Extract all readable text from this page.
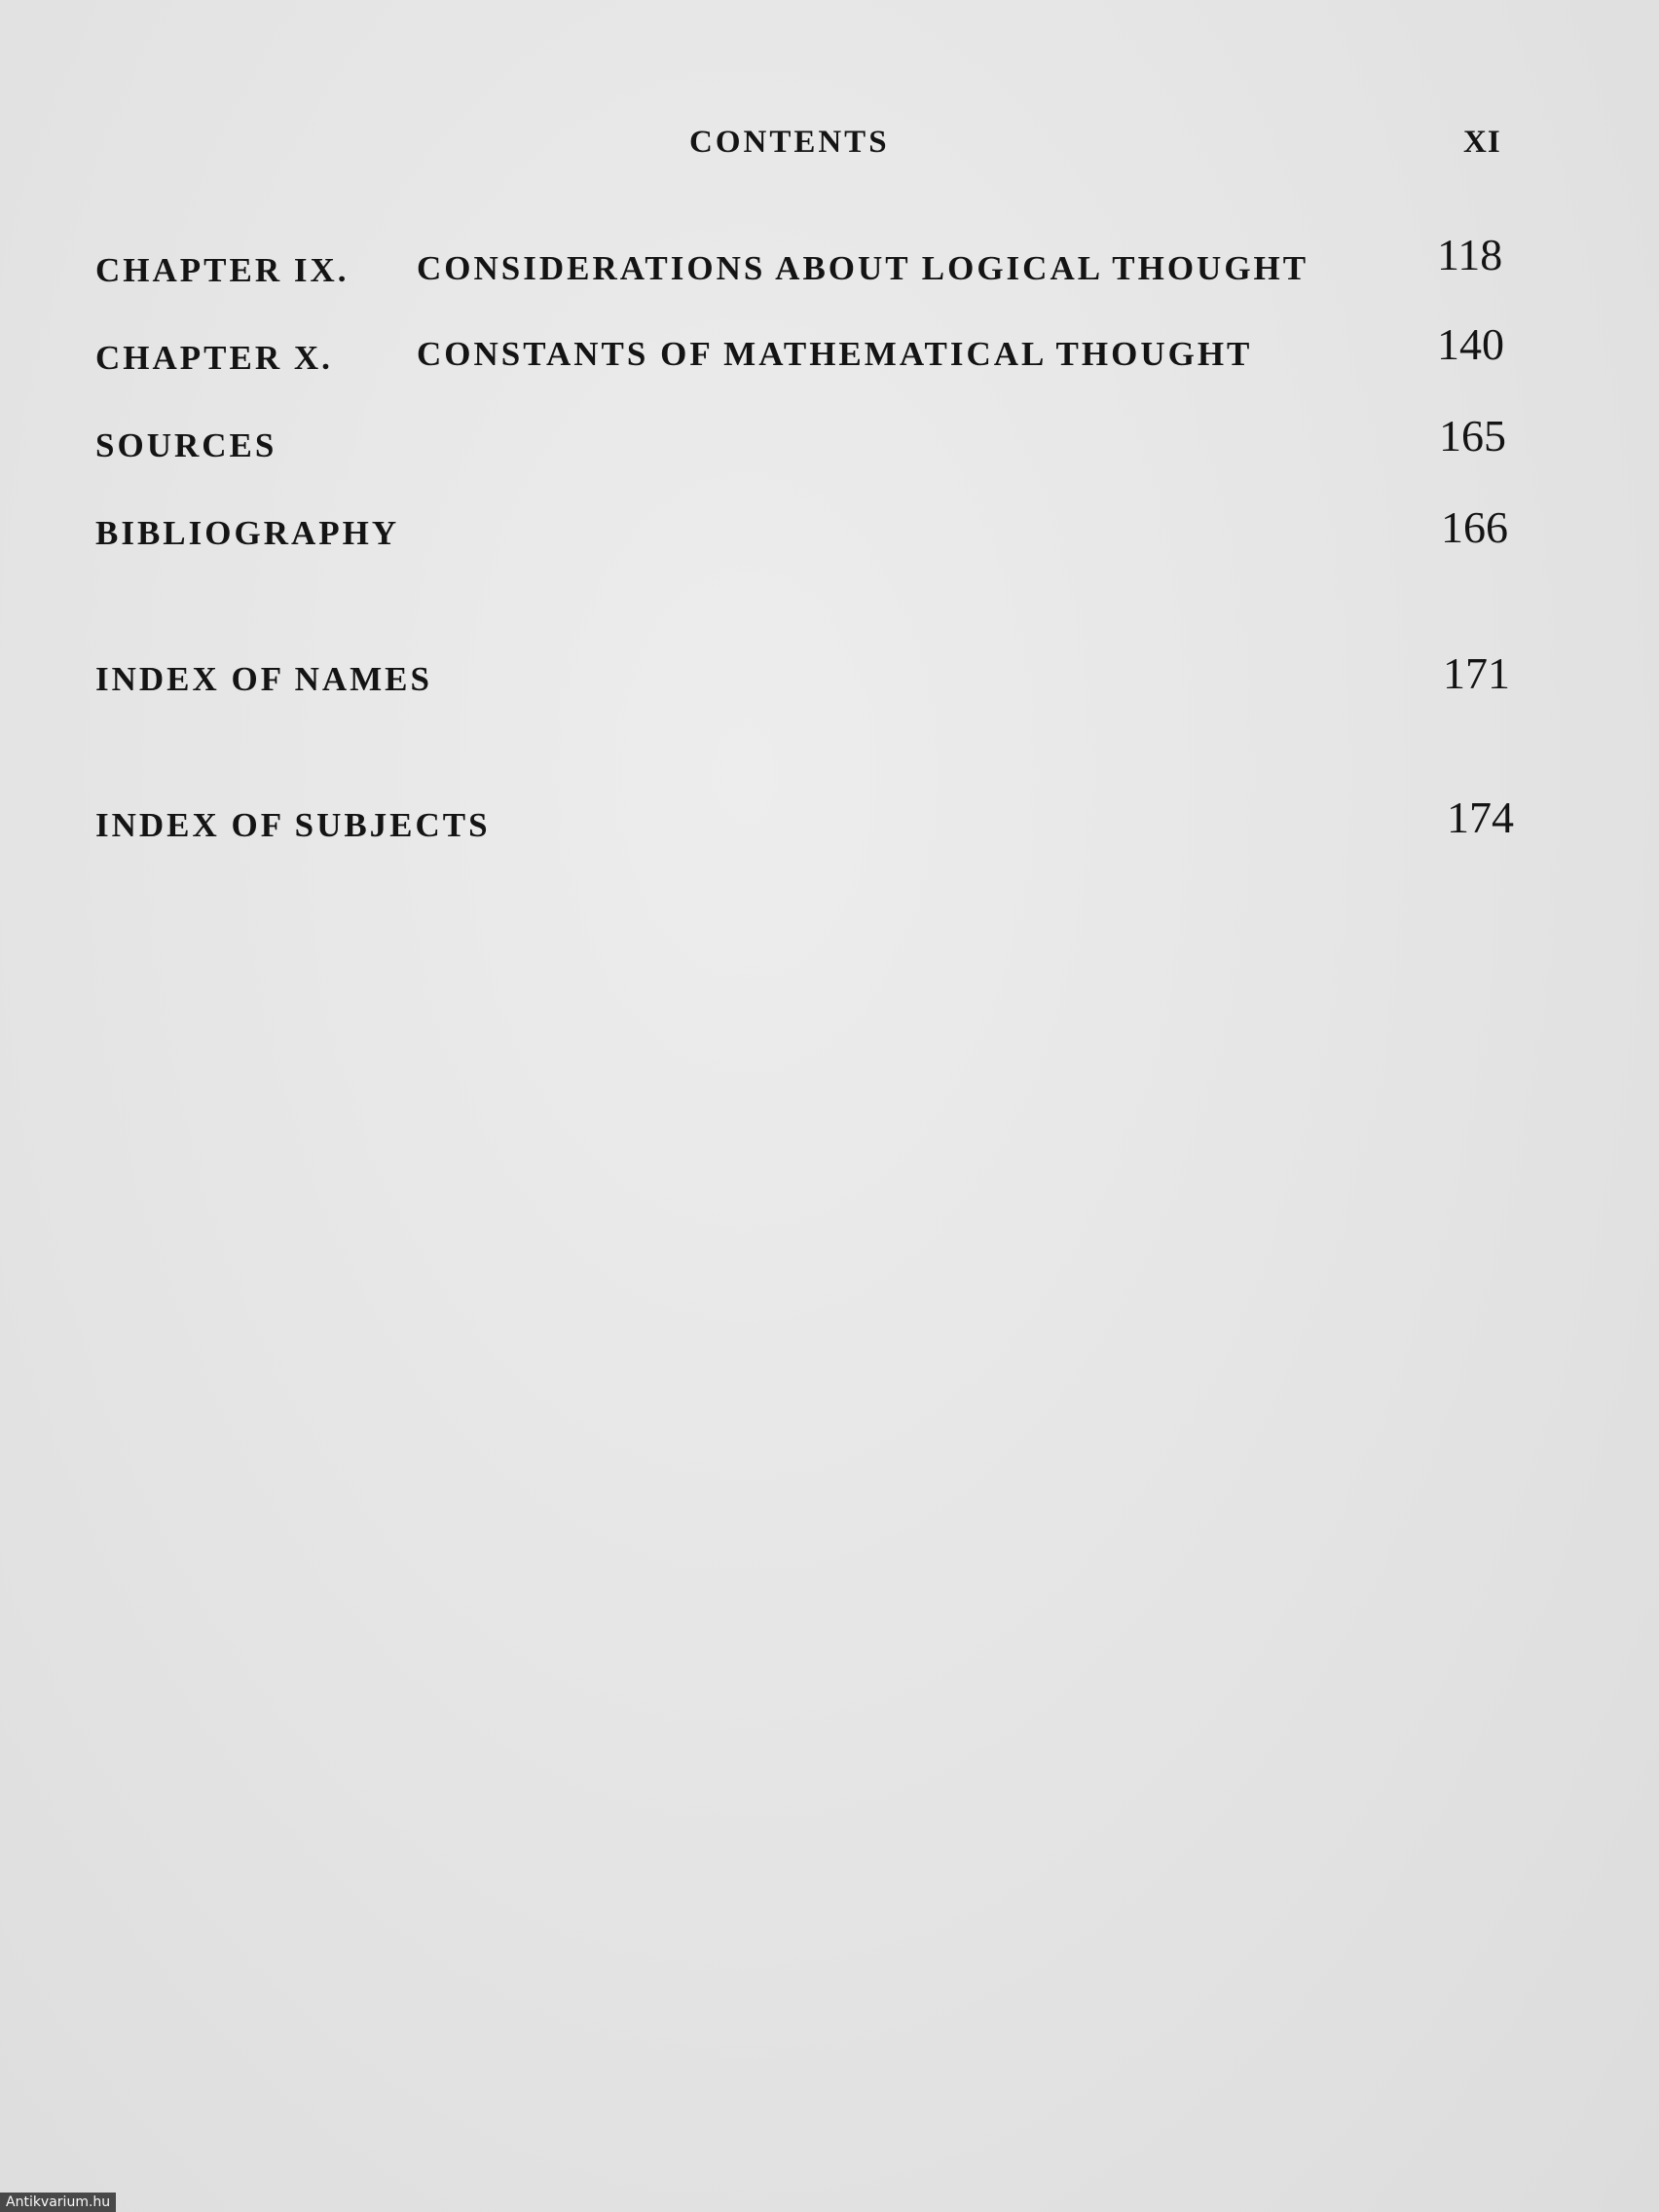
CONTENTS	XI
CHAPTER IX. CONSIDERATIONS ABOUT LOGICAL THOUGHT	118
CHAPTER X. CONSTANTS OF MATHEMATICAL THOUGHT	140
SOURCES	165
BIBLIOGRAPHY	166
INDEX OF NAMES	171
INDEX OF SUBJECTS	174
Antikvarium.hu
